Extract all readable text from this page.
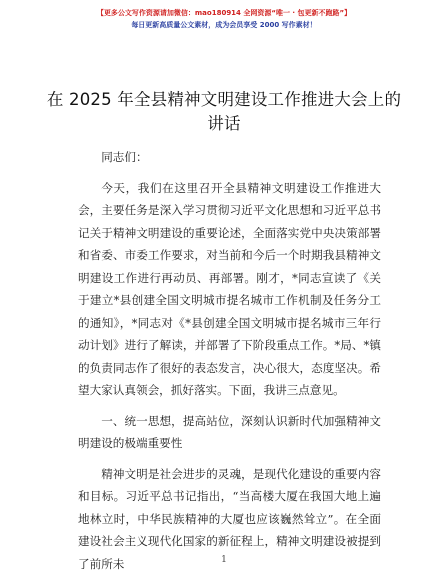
【更多公文写作资源请加微信：mao180914 全网资源“唯一 · 包更新不跑路”】
每日更新高质量公文素材，成为会员享受 2000 写作素材！
在 2025 年全县精神文明建设工作推进大会上的讲话

同志们：

今天，我们在这里召开全县精神文明建设工作推进大会，主要任务是深入学习贯彻习近平文化思想和习近平总书记关于精神文明建设的重要论述，全面落实党中央决策部署和省委、市委工作要求，对当前和今后一个时期我县精神文明建设工作进行再动员、再部署。刚才，*同志宣读了《关于建立*县创建全国文明城市提名城市工作机制及任务分工的通知》，*同志对《*县创建全国文明城市提名城市三年行动计划》进行了解读，并部署了下阶段重点工作。*局、*镇的负责同志作了很好的表态发言，决心很大，态度坚决。希望大家认真领会，抓好落实。下面，我讲三点意见。

一、统一思想，提高站位，深刻认识新时代加强精神文明建设的极端重要性

精神文明是社会进步的灵魂，是现代化建设的重要内容和目标。习近平总书记指出，“当高楼大厦在我国大地上遍地林立时，中华民族精神的大厦也应该巍然耸立”。在全面建设社会主义现代化国家的新征程上，精神文明建设被提到了前所未	1
